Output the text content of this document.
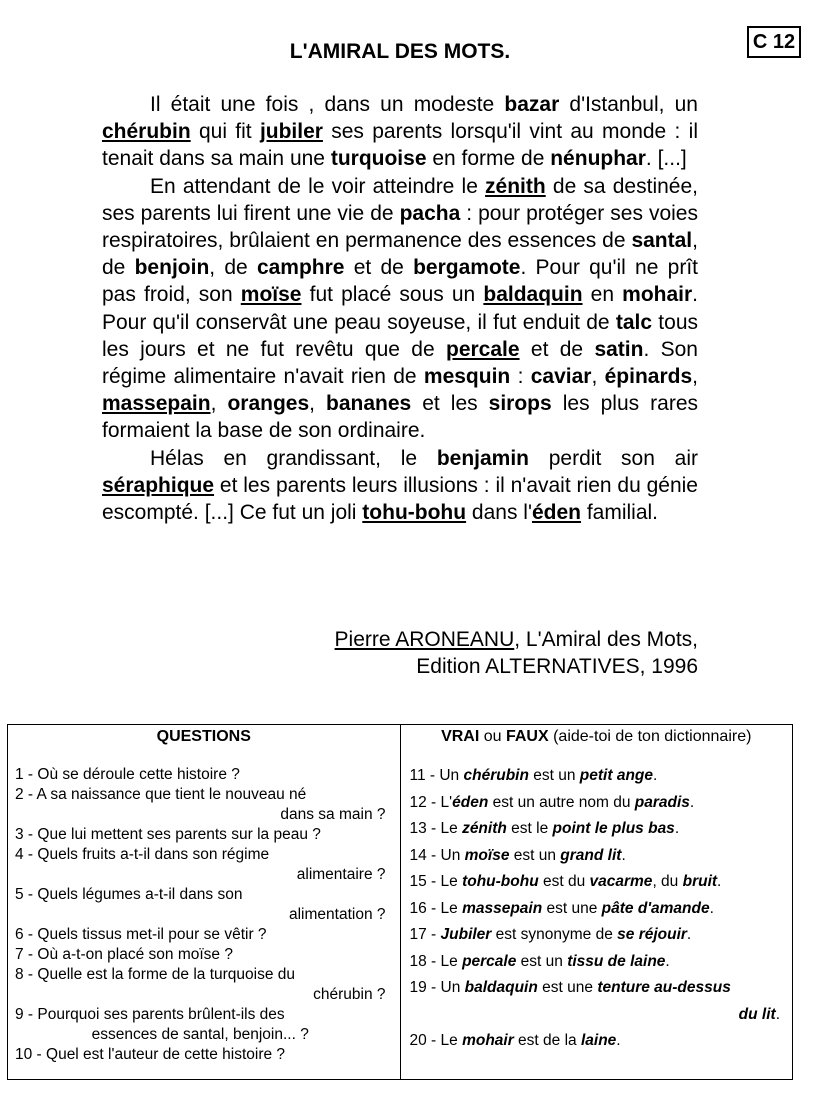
C 12
L'AMIRAL DES MOTS.

Il était une fois , dans un modeste bazar d'Istanbul, un chérubin qui fit jubiler ses parents lorsqu'il vint au monde : il tenait dans sa main une turquoise en forme de nénuphar. [...]

En attendant de le voir atteindre le zénith de sa destinée, ses parents lui firent une vie de pacha : pour protéger ses voies respiratoires, brûlaient en permanence des essences de santal, de benjoin, de camphre et de bergamote. Pour qu'il ne prît pas froid, son moïse fut placé sous un baldaquin en mohair. Pour qu'il conservât une peau soyeuse, il fut enduit de talc tous les jours et ne fut revêtu que de percale et de satin. Son régime alimentaire n'avait rien de mesquin : caviar, épinards, massepain, oranges, bananes et les sirops les plus rares formaient la base de son ordinaire.

Hélas en grandissant, le benjamin perdit son air séraphique et les parents leurs illusions : il n'avait rien du génie escompté. [...] Ce fut un joli tohu-bohu dans l'éden familial.

Pierre ARONEANU, L'Amiral des Mots,
Edition ALTERNATIVES, 1996
QUESTIONS
1 - Où se déroule cette histoire ?
2 - A sa naissance que tient le nouveau né
dans sa main ?
3 - Que lui mettent ses parents sur la peau ?
4 - Quels fruits a-t-il dans son régime
alimentaire ?
5 - Quels légumes a-t-il dans son
alimentation ?
6 - Quels tissus met-il pour se vêtir ?
7 - Où a-t-on placé son moïse ?
8 - Quelle est la forme de la turquoise du
chérubin ?
9 - Pourquoi ses parents brûlent-ils des
essences de santal, benjoin... ?
10 - Quel est l'auteur de cette histoire ?

VRAI ou FAUX (aide-toi de ton dictionnaire)
11 - Un chérubin est un petit ange.
12 - L'éden est un autre nom du paradis.
13 - Le zénith est le point le plus bas.
14 - Un moïse est un grand lit.
15 - Le tohu-bohu est du vacarme, du bruit.
16 - Le massepain est une pâte d'amande.
17 - Jubiler est synonyme de se réjouir.
18 - Le percale est un tissu de laine.
19 - Un baldaquin est une tenture au-dessus
du lit.
20 - Le mohair est de la laine.
